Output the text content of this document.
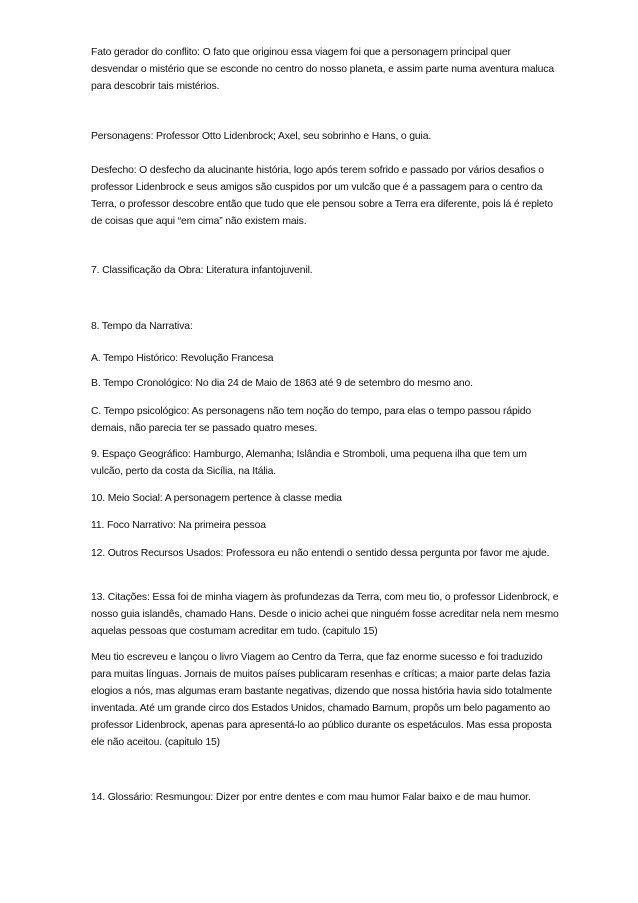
Fato gerador do conflito: O fato que originou essa viagem foi que a personagem principal quer desvendar o mistério que se esconde no centro do nosso planeta, e assim parte numa aventura maluca para descobrir tais mistérios.

Personagens: Professor Otto Lidenbrock; Axel, seu sobrinho e Hans, o guia.

Desfecho: O desfecho da alucinante história, logo após terem sofrido e passado por vários desafios o professor Lidenbrock e seus amigos são cuspidos por um vulcão que é a passagem para o centro da Terra, o professor descobre então que tudo que ele pensou sobre a Terra era diferente, pois lá é repleto de coisas que aqui “em cima” não existem mais.

7. Classificação da Obra: Literatura infantojuvenil.

8. Tempo da Narrativa:

A. Tempo Histórico: Revolução Francesa

B. Tempo Cronológico: No dia 24 de Maio de 1863 até 9 de setembro do mesmo ano.

C. Tempo psicológico: As personagens não tem noção do tempo, para elas o tempo passou rápido demais, não parecia ter se passado quatro meses.

9. Espaço Geográfico: Hamburgo, Alemanha; Islândia e Stromboli, uma pequena ilha que tem um vulcão, perto da costa da Sicília, na Itália.

10. Meio Social: A personagem pertence à classe media

11. Foco Narrativo: Na primeira pessoa

12. Outros Recursos Usados: Professora eu não entendi o sentido dessa pergunta por favor me ajude.

13. Citações: Essa foi de minha viagem às profundezas da Terra, com meu tio, o professor Lidenbrock, e nosso guia islandês, chamado Hans. Desde o inicio achei que ninguém fosse acreditar nela nem mesmo aquelas pessoas que costumam acreditar em tudo. (capitulo 15)

Meu tio escreveu e lançou o livro Viagem ao Centro da Terra, que faz enorme sucesso e foi traduzido para muitas línguas. Jornais de muitos países publicaram resenhas e críticas; a maior parte delas fazia elogios a nós, mas algumas eram bastante negativas, dizendo que nossa história havia sido totalmente inventada. Até um grande circo dos Estados Unidos, chamado Barnum, propôs um belo pagamento ao professor Lidenbrock, apenas para apresentá-lo ao público durante os espetáculos. Mas essa proposta ele não aceitou. (capitulo 15)

14. Glossário: Resmungou: Dizer por entre dentes e com mau humor Falar baixo e de mau humor.
